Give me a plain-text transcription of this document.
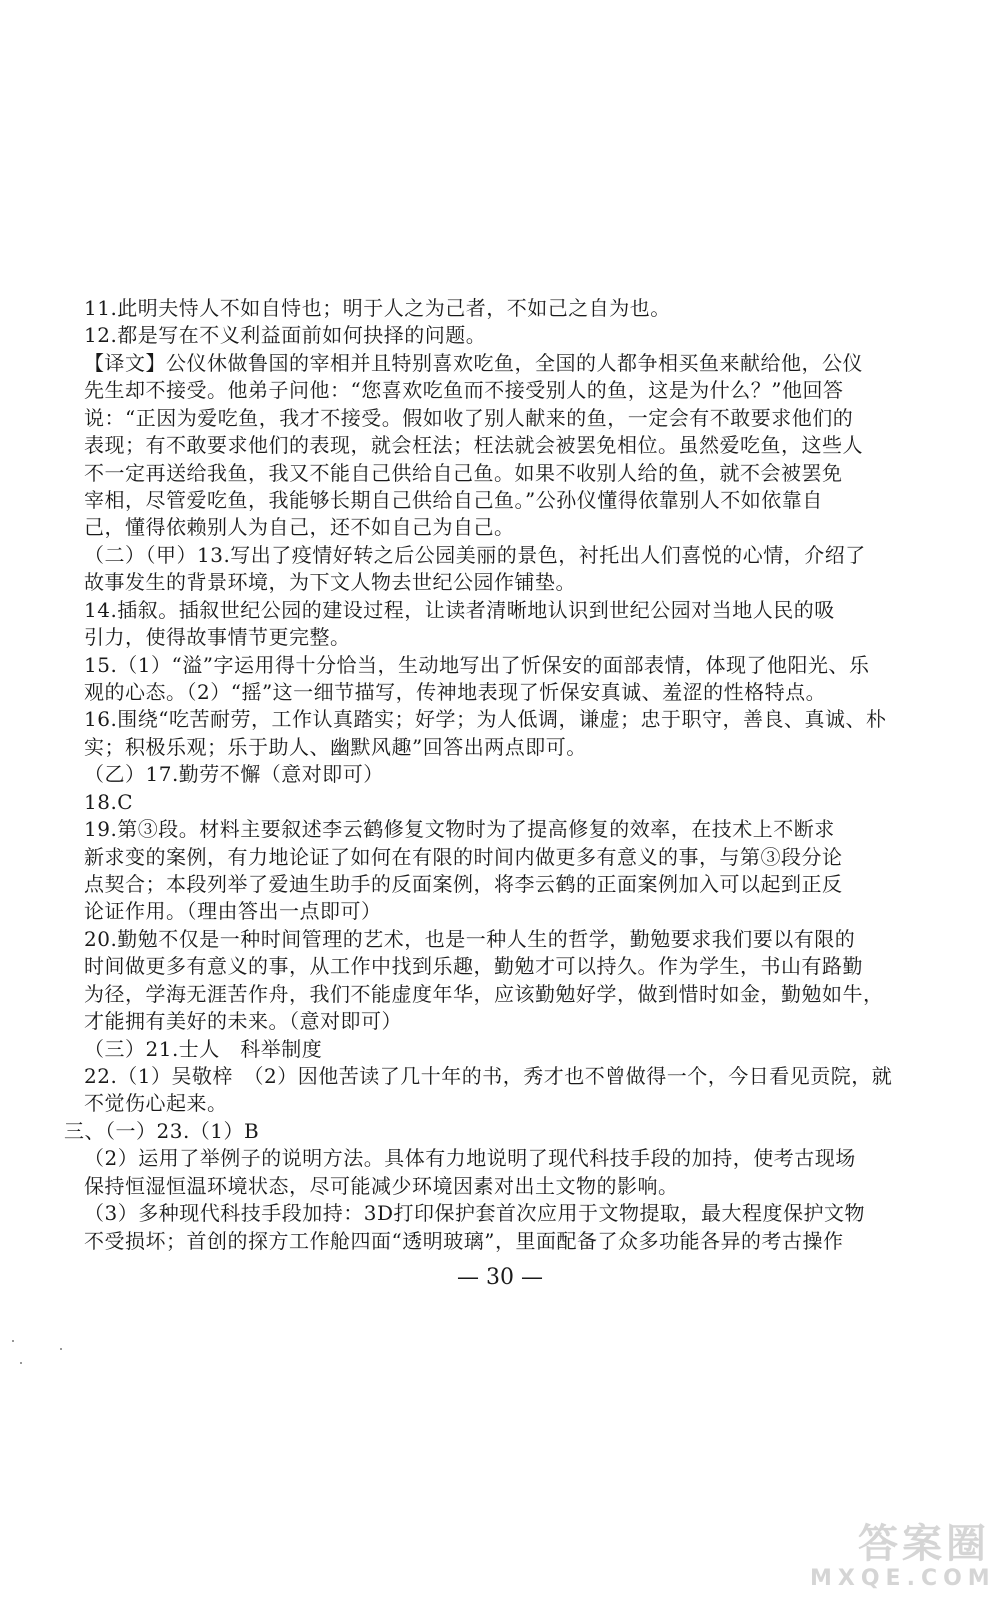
11.此明夫恃人不如自恃也；明于人之为己者，不如己之自为也。
12.都是写在不义利益面前如何抉择的问题。
【译文】公仪休做鲁国的宰相并且特别喜欢吃鱼，全国的人都争相买鱼来献给他，公仪
先生却不接受。他弟子问他：“您喜欢吃鱼而不接受别人的鱼，这是为什么？”他回答
说：“正因为爱吃鱼，我才不接受。假如收了别人献来的鱼，一定会有不敢要求他们的
表现；有不敢要求他们的表现，就会枉法；枉法就会被罢免相位。虽然爱吃鱼，这些人
不一定再送给我鱼，我又不能自己供给自己鱼。如果不收别人给的鱼，就不会被罢免
宰相，尽管爱吃鱼，我能够长期自己供给自己鱼。”公孙仪懂得依靠别人不如依靠自
己，懂得依赖别人为自己，还不如自己为自己。
（二）（甲）13.写出了疫情好转之后公园美丽的景色，衬托出人们喜悦的心情，介绍了
故事发生的背景环境，为下文人物去世纪公园作铺垫。
14.插叙。插叙世纪公园的建设过程，让读者清晰地认识到世纪公园对当地人民的吸
引力，使得故事情节更完整。
15.（1）“溢”字运用得十分恰当，生动地写出了忻保安的面部表情，体现了他阳光、乐
观的心态。（2）“摇”这一细节描写，传神地表现了忻保安真诚、羞涩的性格特点。
16.围绕“吃苦耐劳，工作认真踏实；好学；为人低调，谦虚；忠于职守，善良、真诚、朴
实；积极乐观；乐于助人、幽默风趣”回答出两点即可。
（乙）17.勤劳不懈（意对即可）
18.C
19.第③段。材料主要叙述李云鹤修复文物时为了提高修复的效率，在技术上不断求
新求变的案例，有力地论证了如何在有限的时间内做更多有意义的事，与第③段分论
点契合；本段列举了爱迪生助手的反面案例，将李云鹤的正面案例加入可以起到正反
论证作用。（理由答出一点即可）
20.勤勉不仅是一种时间管理的艺术，也是一种人生的哲学，勤勉要求我们要以有限的
时间做更多有意义的事，从工作中找到乐趣，勤勉才可以持久。作为学生，书山有路勤
为径，学海无涯苦作舟，我们不能虚度年华，应该勤勉好学，做到惜时如金，勤勉如牛，
才能拥有美好的未来。（意对即可）
（三）21.士人　科举制度
22.（1）吴敬梓　（2）因他苦读了几十年的书，秀才也不曾做得一个，今日看见贡院，就
不觉伤心起来。
三、（一）23.（1）B
（2）运用了举例子的说明方法。具体有力地说明了现代科技手段的加持，使考古现场
保持恒湿恒温环境状态，尽可能减少环境因素对出土文物的影响。
（3）多种现代科技手段加持：3D打印保护套首次应用于文物提取，最大程度保护文物
不受损坏；首创的探方工作舱四面“透明玻璃”，里面配备了众多功能各异的考古操作
— 30 —
答案圈
MXQE.COM
